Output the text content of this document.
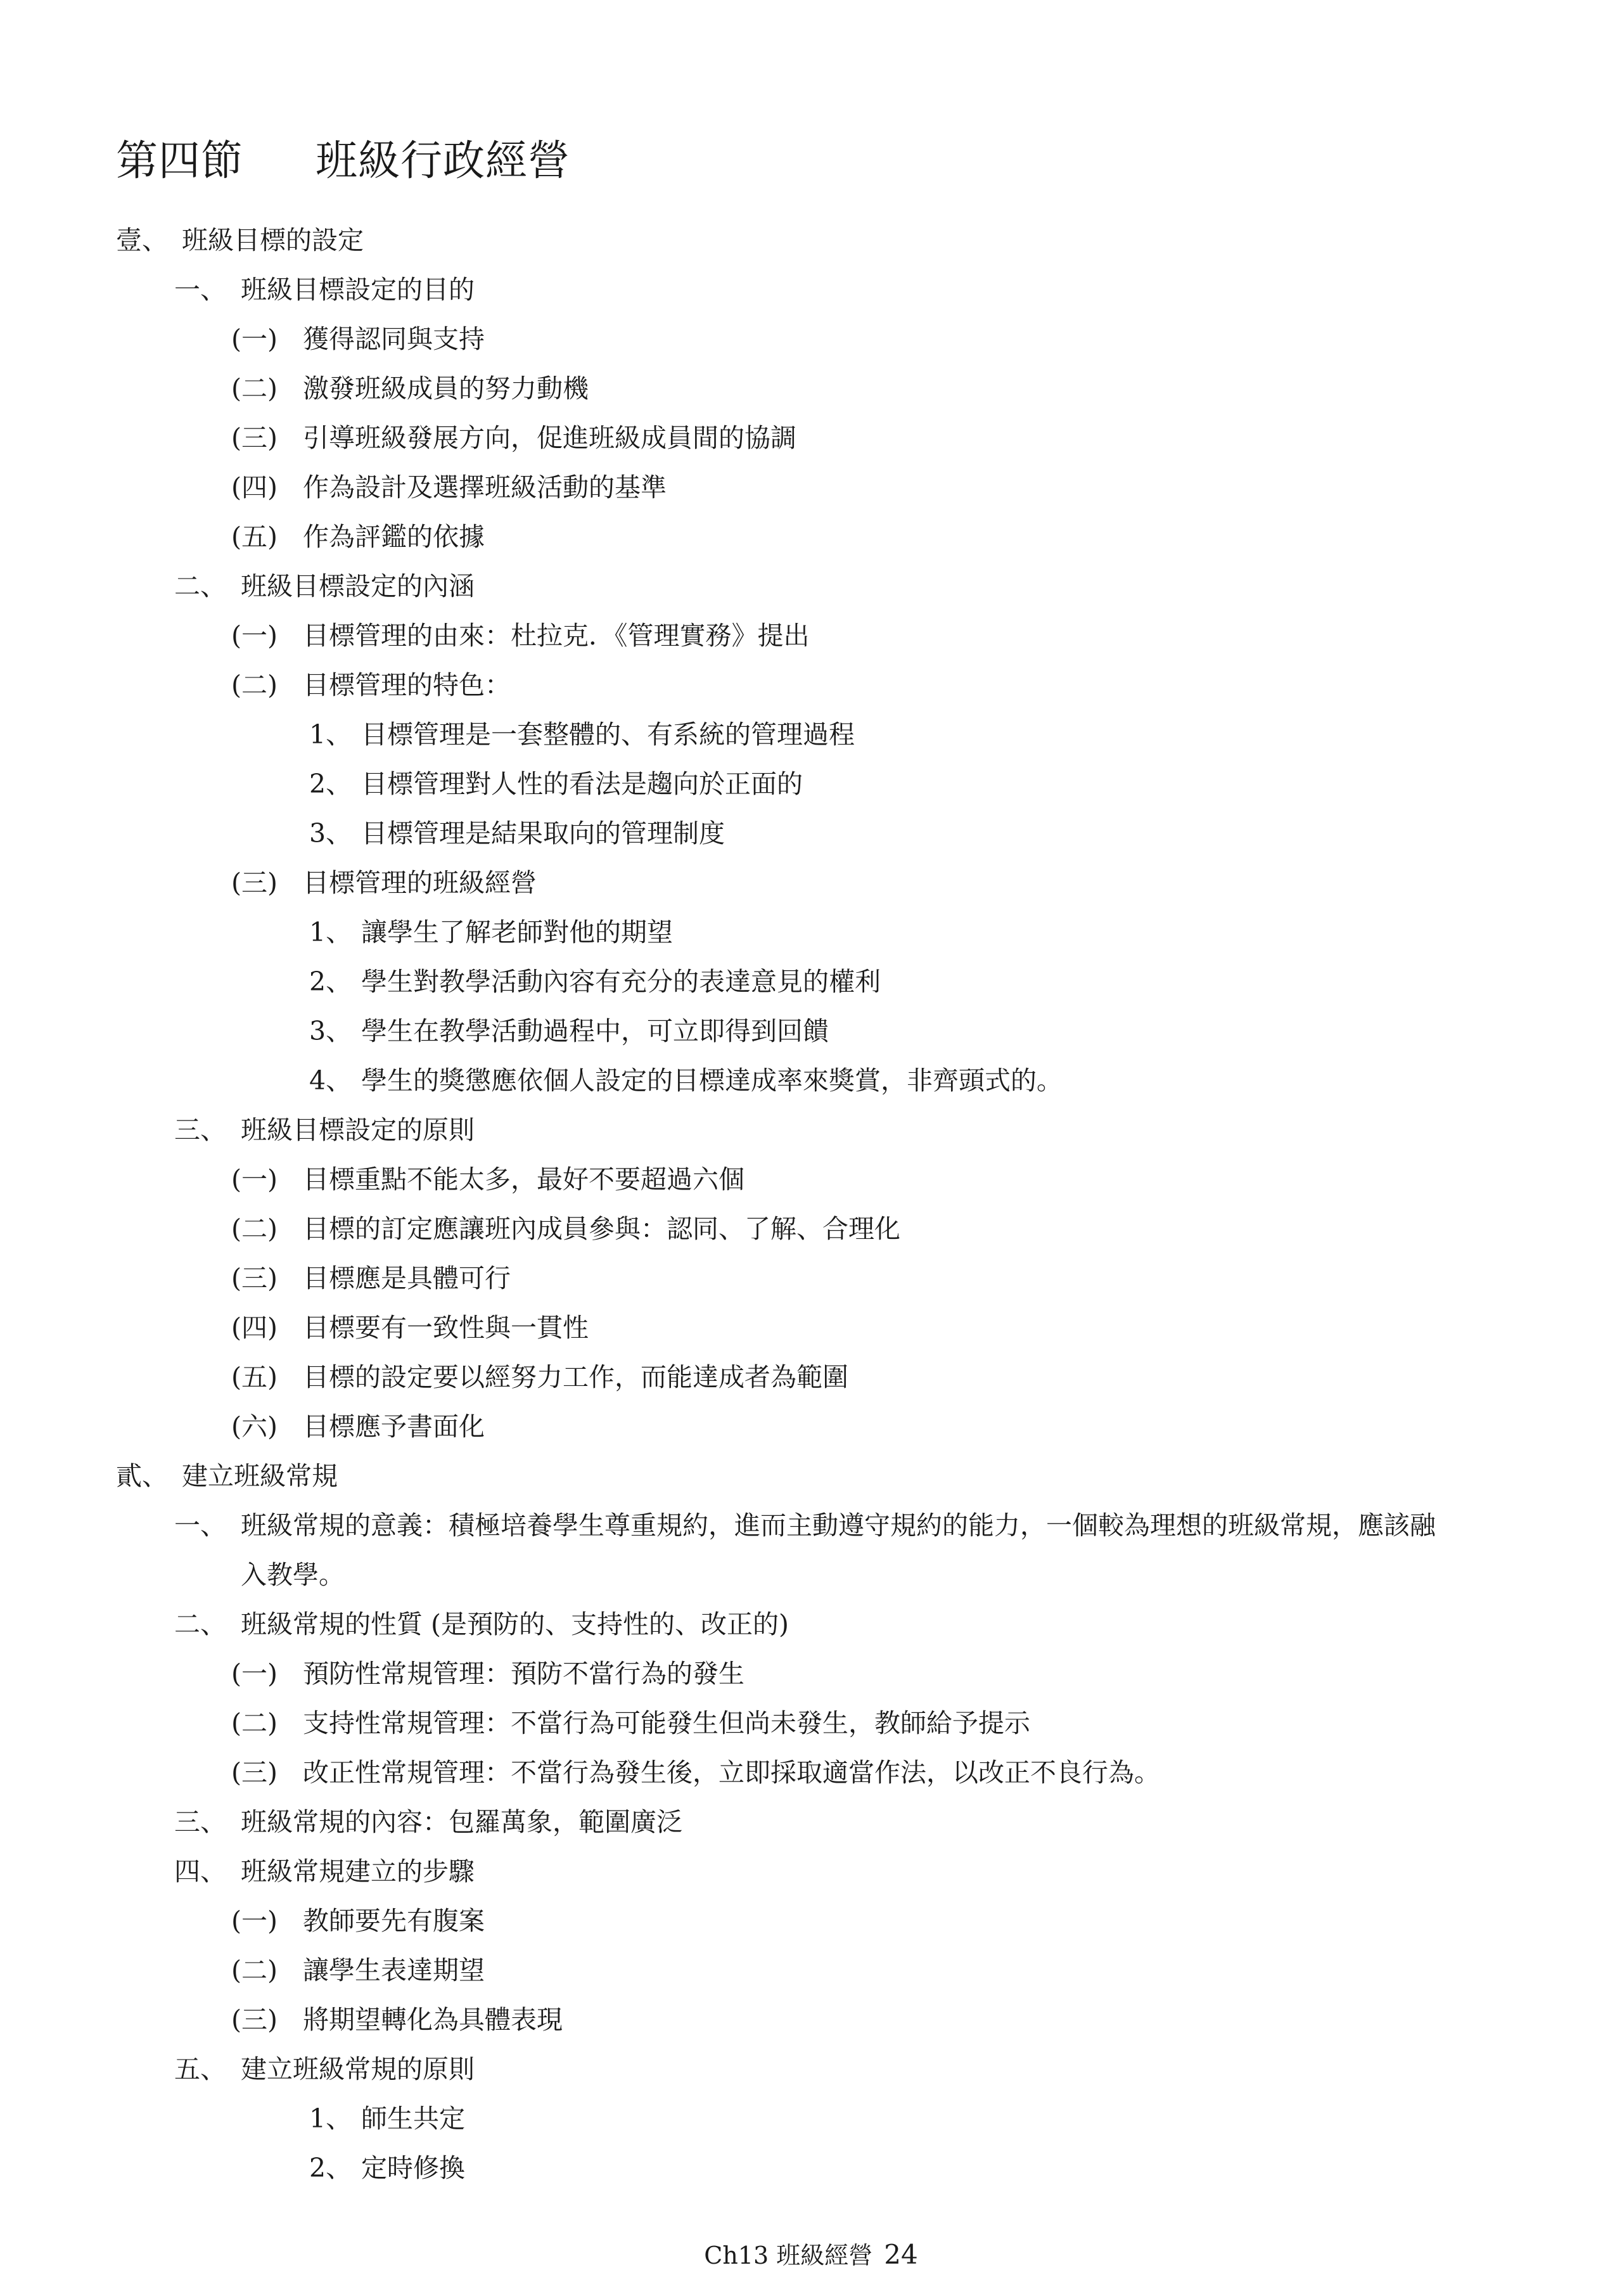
第四節 班級行政經營
壹、 班級目標的設定
一、 班級目標設定的目的
(一) 獲得認同與支持
(二) 激發班級成員的努力動機
(三) 引導班級發展方向，促進班級成員間的協調
(四) 作為設計及選擇班級活動的基準
(五) 作為評鑑的依據
二、 班級目標設定的內涵
(一) 目標管理的由來：杜拉克．《管理實務》提出
(二) 目標管理的特色：
1、 目標管理是一套整體的、有系統的管理過程
2、 目標管理對人性的看法是趨向於正面的
3、 目標管理是結果取向的管理制度
(三) 目標管理的班級經營
1、 讓學生了解老師對他的期望
2、 學生對教學活動內容有充分的表達意見的權利
3、 學生在教學活動過程中，可立即得到回饋
4、 學生的獎懲應依個人設定的目標達成率來獎賞，非齊頭式的。
三、 班級目標設定的原則
(一) 目標重點不能太多，最好不要超過六個
(二) 目標的訂定應讓班內成員參與：認同、了解、合理化
(三) 目標應是具體可行
(四) 目標要有一致性與一貫性
(五) 目標的設定要以經努力工作，而能達成者為範圍
(六) 目標應予書面化
貳、 建立班級常規
一、 班級常規的意義：積極培養學生尊重規約，進而主動遵守規約的能力，一個較為理想的班級常規，應該融
入教學。
二、 班級常規的性質 (是預防的、支持性的、改正的)
(一) 預防性常規管理：預防不當行為的發生
(二) 支持性常規管理：不當行為可能發生但尚未發生，教師給予提示
(三) 改正性常規管理：不當行為發生後，立即採取適當作法，以改正不良行為。
三、 班級常規的內容：包羅萬象，範圍廣泛
四、 班級常規建立的步驟
(一) 教師要先有腹案
(二) 讓學生表達期望
(三) 將期望轉化為具體表現
五、 建立班級常規的原則
1、 師生共定
2、 定時修換
Ch13 班級經營 24
